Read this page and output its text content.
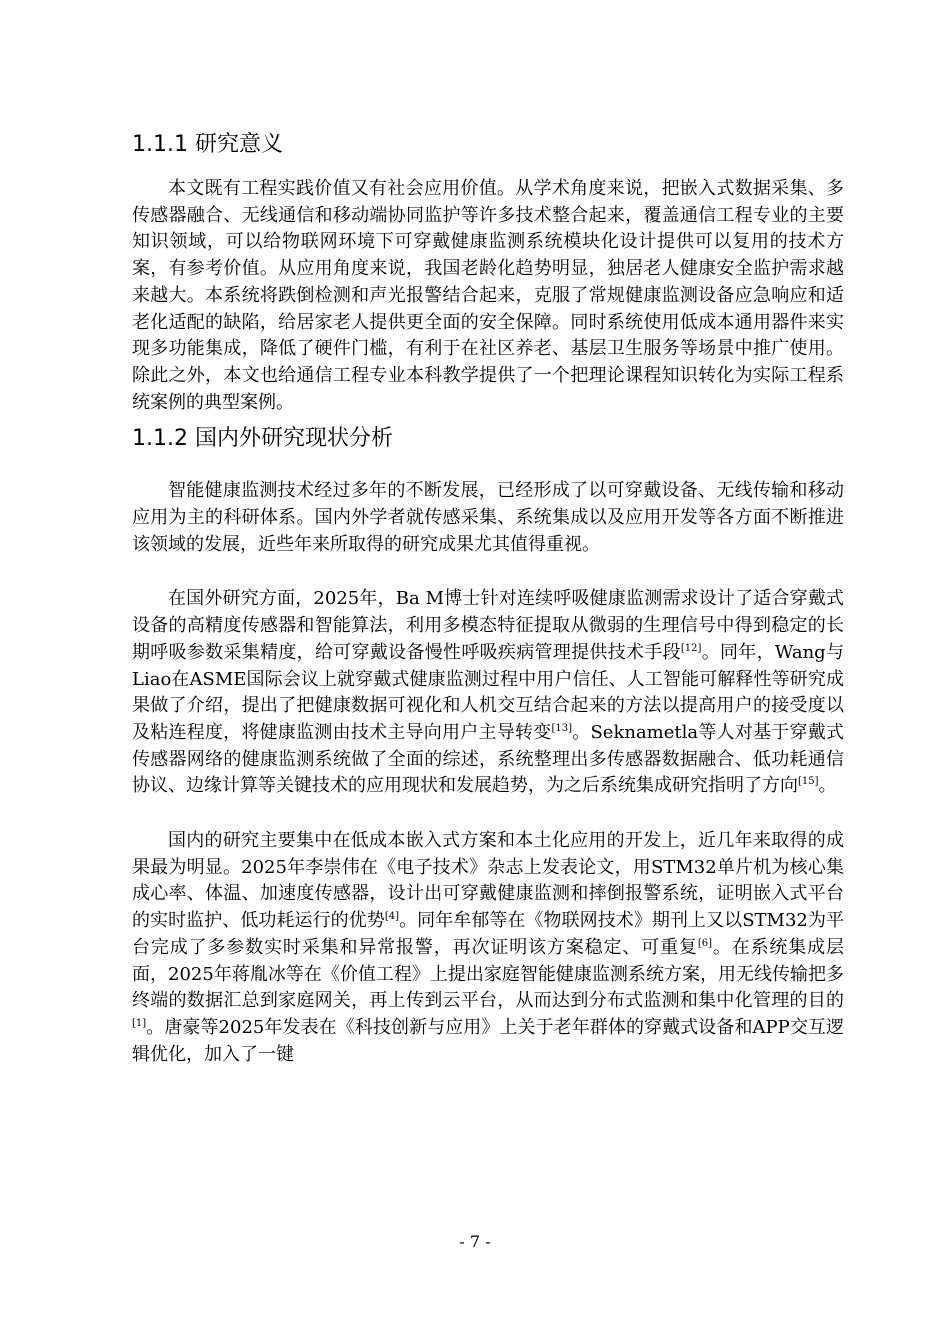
1.1.1 研究意义

本文既有工程实践价值又有社会应用价值。从学术角度来说，把嵌入式数据采集、多传感器融合、无线通信和移动端协同监护等许多技术整合起来，覆盖通信工程专业的主要知识领域，可以给物联网环境下可穿戴健康监测系统模块化设计提供可以复用的技术方案，有参考价值。从应用角度来说，我国老龄化趋势明显，独居老人健康安全监护需求越来越大。本系统将跌倒检测和声光报警结合起来，克服了常规健康监测设备应急响应和适老化适配的缺陷，给居家老人提供更全面的安全保障。同时系统使用低成本通用器件来实现多功能集成，降低了硬件门槛，有利于在社区养老、基层卫生服务等场景中推广使用。除此之外，本文也给通信工程专业本科教学提供了一个把理论课程知识转化为实际工程系统案例的典型案例。

1.1.2 国内外研究现状分析

智能健康监测技术经过多年的不断发展，已经形成了以可穿戴设备、无线传输和移动应用为主的科研体系。国内外学者就传感采集、系统集成以及应用开发等各方面不断推进该领域的发展，近些年来所取得的研究成果尤其值得重视。

在国外研究方面，2025年，Ba M博士针对连续呼吸健康监测需求设计了适合穿戴式设备的高精度传感器和智能算法，利用多模态特征提取从微弱的生理信号中得到稳定的长期呼吸参数采集精度，给可穿戴设备慢性呼吸疾病管理提供技术手段[12]。同年，Wang与Liao在ASME国际会议上就穿戴式健康监测过程中用户信任、人工智能可解释性等研究成果做了介绍，提出了把健康数据可视化和人机交互结合起来的方法以提高用户的接受度以及粘连程度，将健康监测由技术主导向用户主导转变[13]。Seknametla等人对基于穿戴式传感器网络的健康监测系统做了全面的综述，系统整理出多传感器数据融合、低功耗通信协议、边缘计算等关键技术的应用现状和发展趋势，为之后系统集成研究指明了方向[15]。

国内的研究主要集中在低成本嵌入式方案和本土化应用的开发上，近几年来取得的成果最为明显。2025年李崇伟在《电子技术》杂志上发表论文，用STM32单片机为核心集成心率、体温、加速度传感器，设计出可穿戴健康监测和摔倒报警系统，证明嵌入式平台的实时监护、低功耗运行的优势[4]。同年牟郁等在《物联网技术》期刊上又以STM32为平台完成了多参数实时采集和异常报警，再次证明该方案稳定、可重复[6]。在系统集成层面，2025年蒋胤冰等在《价值工程》上提出家庭智能健康监测系统方案，用无线传输把多终端的数据汇总到家庭网关，再上传到云平台，从而达到分布式监测和集中化管理的目的[1]。唐豪等2025年发表在《科技创新与应用》上关于老年群体的穿戴式设备和APP交互逻辑优化，加入了一键

- 7 -
